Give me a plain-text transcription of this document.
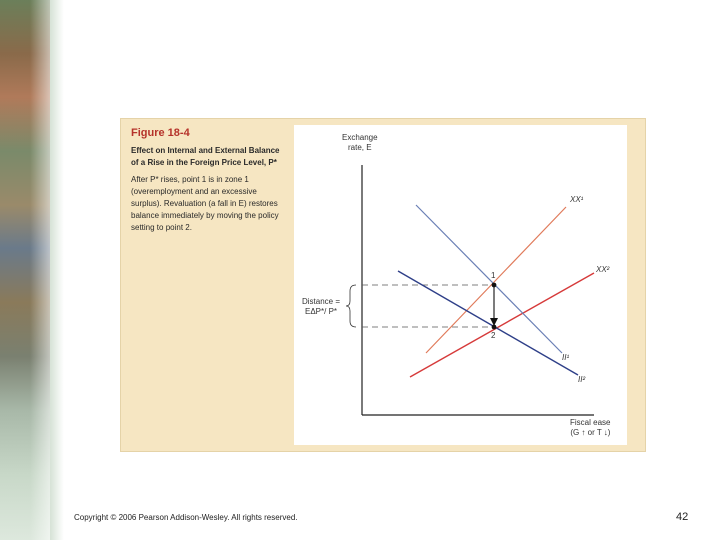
Figure 18-4

Effect on Internal and External Balance of a Rise in the Foreign Price Level, P*

After P* rises, point 1 is in zone 1 (overemployment and an excessive surplus). Revaluation (a fall in E) restores balance immediately by moving the policy setting to point 2.

Exchange
rate, E
Fiscal ease
(G ↑ or T ↓)
Distance =
EΔP*/ P*
XX¹
XX²
II¹
II²
1
2
Copyright © 2006 Pearson Addison-Wesley. All rights reserved.	42
